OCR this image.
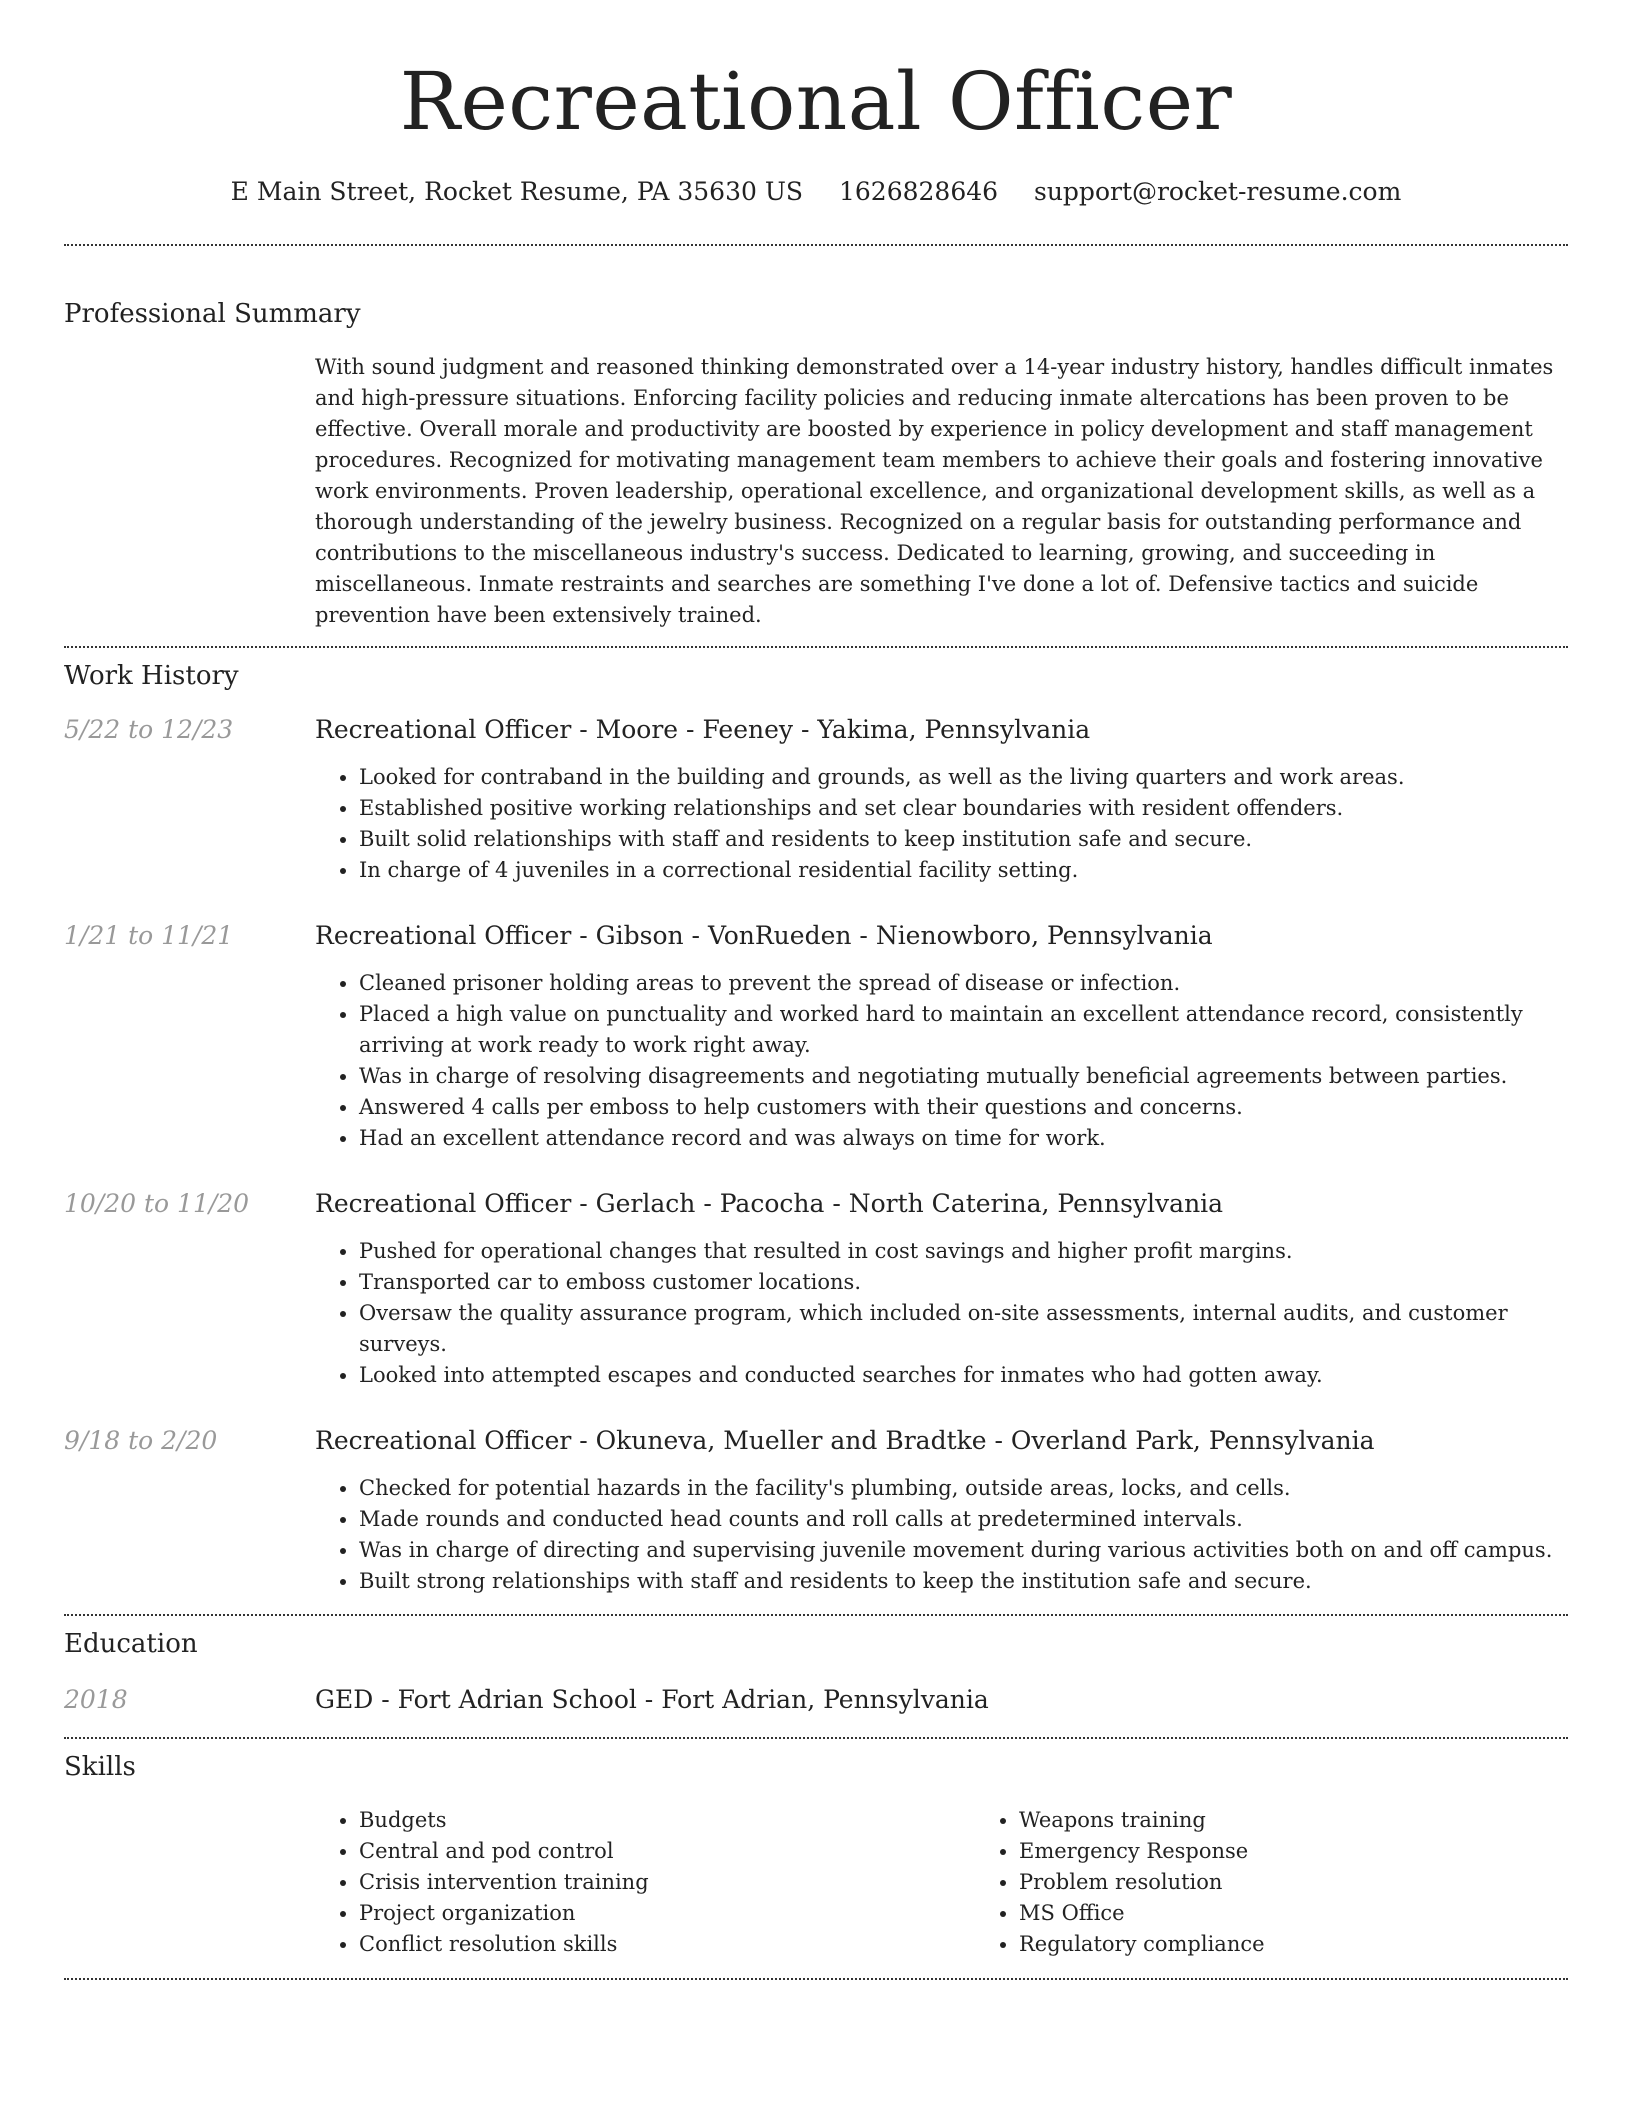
Recreational Officer
E Main Street, Rocket Resume, PA 35630 US 1626828646 support@rocket-resume.com
Professional Summary

With sound judgment and reasoned thinking demonstrated over a 14-year industry history, handles difficult inmates and high-pressure situations. Enforcing facility policies and reducing inmate altercations has been proven to be effective. Overall morale and productivity are boosted by experience in policy development and staff management procedures. Recognized for motivating management team members to achieve their goals and fostering innovative work environments. Proven leadership, operational excellence, and organizational development skills, as well as a thorough understanding of the jewelry business. Recognized on a regular basis for outstanding performance and contributions to the miscellaneous industry's success. Dedicated to learning, growing, and succeeding in miscellaneous. Inmate restraints and searches are something I've done a lot of. Defensive tactics and suicide prevention have been extensively trained.

Work History
5/22 to 12/23	Recreational Officer - Moore - Feeney - Yakima, Pennsylvania
• Looked for contraband in the building and grounds, as well as the living quarters and work areas.
• Established positive working relationships and set clear boundaries with resident offenders.
• Built solid relationships with staff and residents to keep institution safe and secure.
• In charge of 4 juveniles in a correctional residential facility setting.
1/21 to 11/21	Recreational Officer - Gibson - VonRueden - Nienowboro, Pennsylvania
• Cleaned prisoner holding areas to prevent the spread of disease or infection.
• Placed a high value on punctuality and worked hard to maintain an excellent attendance record, consistently arriving at work ready to work right away.
• Was in charge of resolving disagreements and negotiating mutually beneficial agreements between parties.
• Answered 4 calls per emboss to help customers with their questions and concerns.
• Had an excellent attendance record and was always on time for work.
10/20 to 11/20	Recreational Officer - Gerlach - Pacocha - North Caterina, Pennsylvania
• Pushed for operational changes that resulted in cost savings and higher profit margins.
• Transported car to emboss customer locations.
• Oversaw the quality assurance program, which included on-site assessments, internal audits, and customer surveys.
• Looked into attempted escapes and conducted searches for inmates who had gotten away.
9/18 to 2/20	Recreational Officer - Okuneva, Mueller and Bradtke - Overland Park, Pennsylvania
• Checked for potential hazards in the facility's plumbing, outside areas, locks, and cells.
• Made rounds and conducted head counts and roll calls at predetermined intervals.
• Was in charge of directing and supervising juvenile movement during various activities both on and off campus.
• Built strong relationships with staff and residents to keep the institution safe and secure.
Education
2018	GED - Fort Adrian School - Fort Adrian, Pennsylvania
Skills
• Budgets
• Central and pod control
• Crisis intervention training
• Project organization
• Conflict resolution skills
• Weapons training
• Emergency Response
• Problem resolution
• MS Office
• Regulatory compliance
